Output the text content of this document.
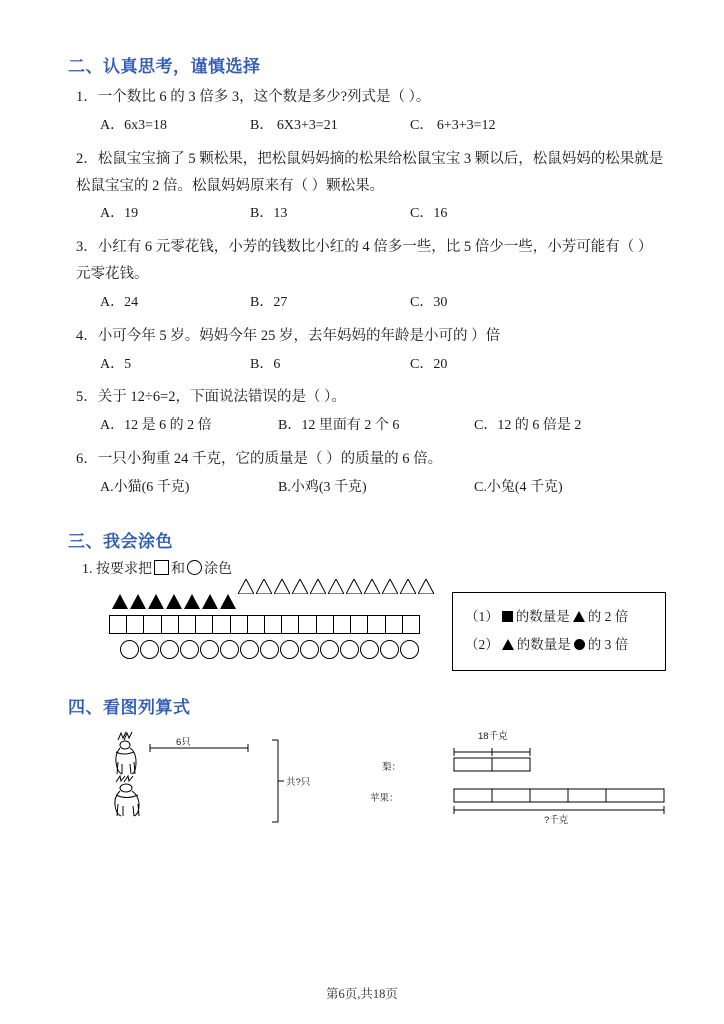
二、认真思考，谨慎选择
1．一个数比 6 的 3 倍多 3，这个数是多少?列式是（ ）。
A．6x3=18	B． 6X3+3=21	C． 6+3+3=12
2．松鼠宝宝摘了 5 颗松果，把松鼠妈妈摘的松果给松鼠宝宝 3 颗以后，松鼠妈妈的松果就是松鼠宝宝的 2 倍。松鼠妈妈原来有（ ）颗松果。
A．19	B．13	C．16
3．小红有 6 元零花钱，小芳的钱数比小红的 4 倍多一些，比 5 倍少一些，小芳可能有（ ）元零花钱。
A．24	B．27	C．30
4．小可今年 5 岁。妈妈今年 25 岁，去年妈妈的年龄是小可的 ）倍
A．5	B．6	C．20
5．关于 12÷6=2，下面说法错误的是（ ）。
A．12 是 6 的 2 倍	B．12 里面有 2 个 6	C．12 的 6 倍是 2
6．一只小狗重 24 千克，它的质量是（ ）的质量的 6 倍。
A.小猫(6 千克)	B.小鸡(3 千克)	C.小兔(4 千克)
三、我会涂色
1. 按要求把 和 涂色
（1） 的数量是 的 2 倍
（2） 的数量是 的 3 倍
四、看图列算式
6只
共?只
18千克
梨：
苹果：
?千克
第6页,共18页
